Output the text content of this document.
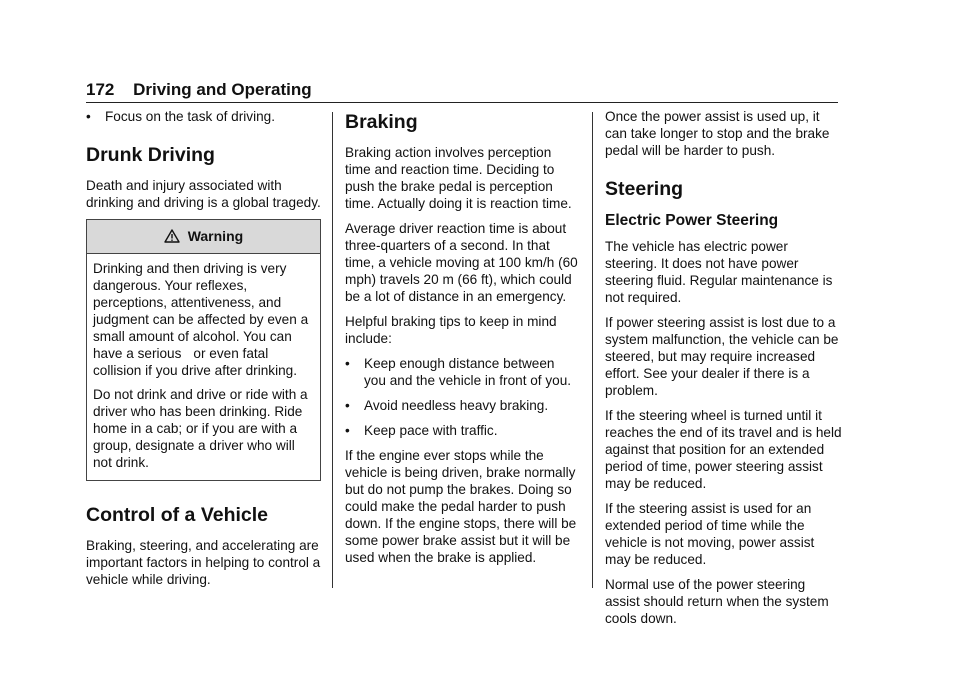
172 Driving and Operating
•	Focus on the task of driving.
Drunk Driving

Death and injury associated with drinking and driving is a global tragedy.

Warning

Drinking and then driving is very dangerous. Your reflexes, perceptions, attentiveness, and judgment can be affected by even a small amount of alcohol. You can have a serious or even fatalcollision if you drive after drinking.

Do not drink and drive or ride with a driver who has been drinking. Ride home in a cab; or if you are with a group, designate a driver who will not drink.

Control of a Vehicle

Braking, steering, and accelerating are important factors in helping to control a vehicle while driving.

Braking

Braking action involves perception time and reaction time. Deciding to push the brake pedal is perception time. Actually doing it is reaction time.

Average driver reaction time is about three-quarters of a second. In that time, a vehicle moving at 100 km/h (60 mph) travels 20 m (66 ft), which could be a lot of distance in an emergency.

Helpful braking tips to keep in mind include:

•	Keep enough distance between you and the vehicle in front of you.
•	Avoid needless heavy braking.
•	Keep pace with traffic.

If the engine ever stops while the vehicle is being driven, brake normally but do not pump the brakes. Doing so could make the pedal harder to push down. If the engine stops, there will be some power brake assist but it will be used when the brake is applied.

Once the power assist is used up, it can take longer to stop and the brake pedal will be harder to push.

Steering
Electric Power Steering

The vehicle has electric power steering. It does not have power steering fluid. Regular maintenance is not required.

If power steering assist is lost due to a system malfunction, the vehicle can be steered, but may require increased effort. See your dealer if there is a problem.

If the steering wheel is turned until it reaches the end of its travel and is held against that position for an extended period of time, power steering assist may be reduced.

If the steering assist is used for an extended period of time while the vehicle is not moving, power assist may be reduced.

Normal use of the power steering assist should return when the system cools down.
